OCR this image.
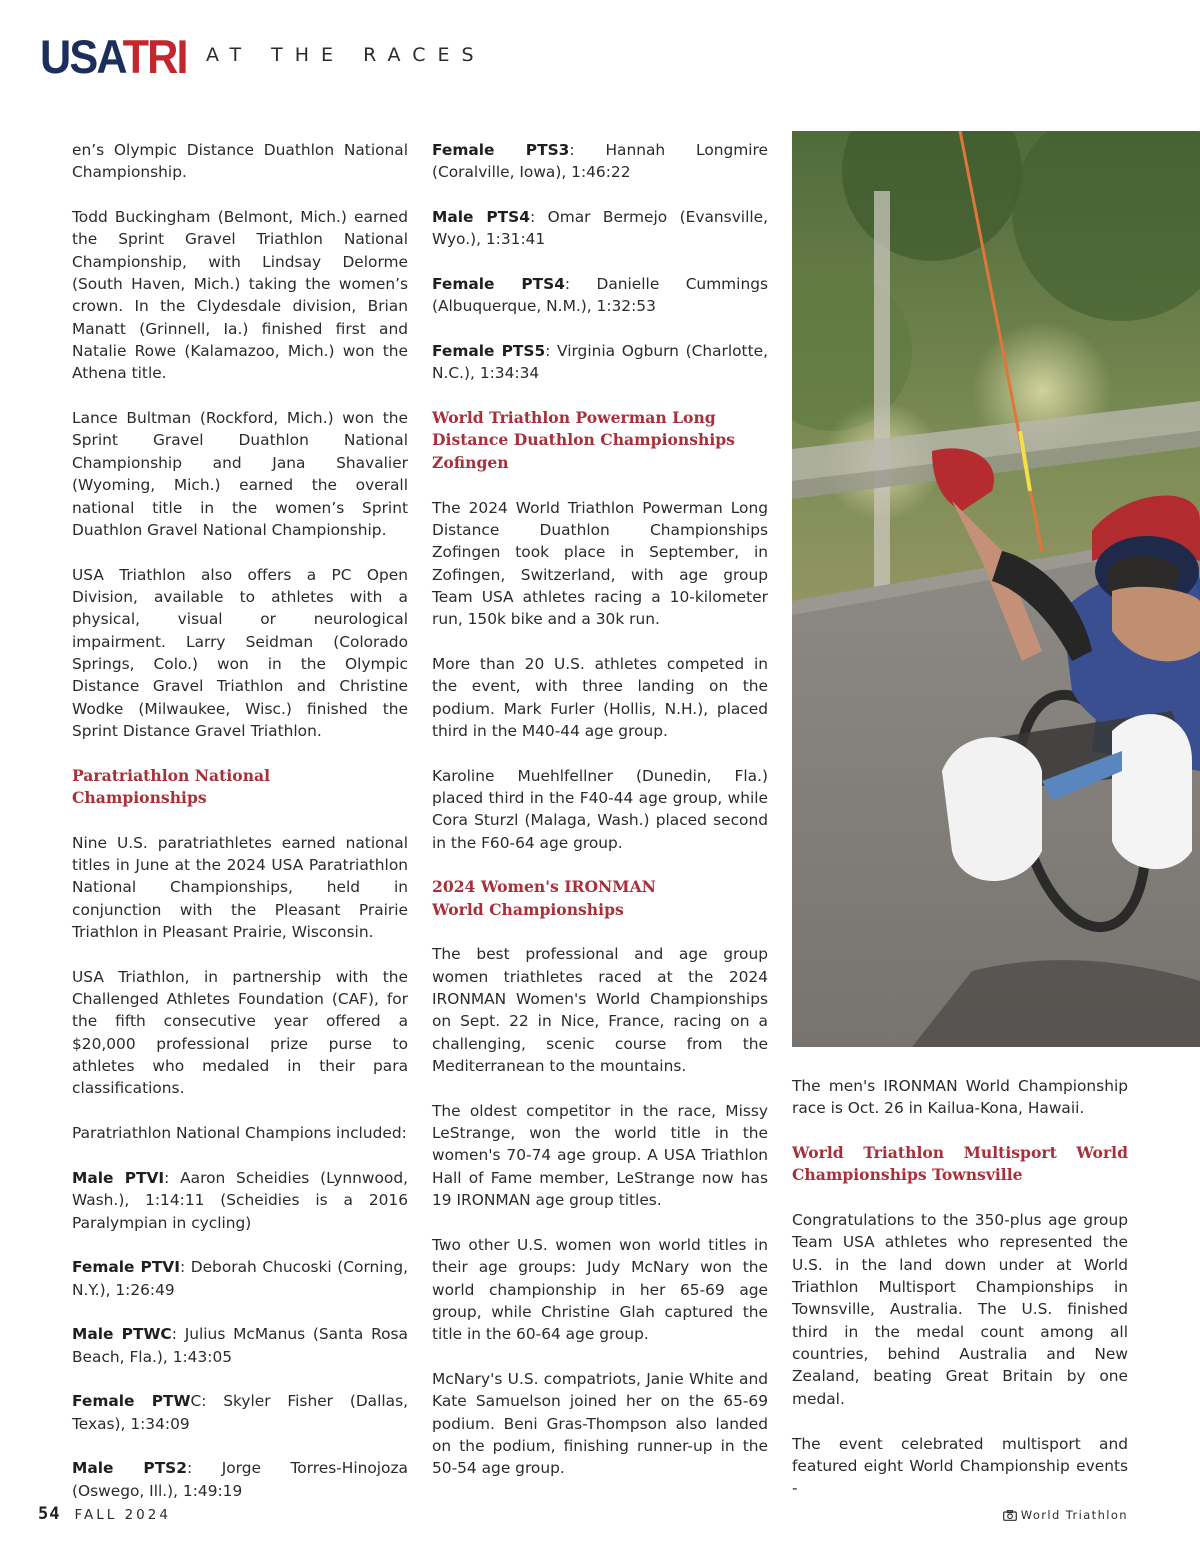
USATRI AT THE RACES

en’s Olympic Distance Duathlon National Championship.

Todd Buckingham (Belmont, Mich.) earned the Sprint Gravel Triathlon National Championship, with Lindsay Delorme (South Haven, Mich.) taking the women’s crown. In the Clydesdale division, Brian Manatt (Grinnell, Ia.) finished first and Natalie Rowe (Kalamazoo, Mich.) won the Athena title.

Lance Bultman (Rockford, Mich.) won the Sprint Gravel Duathlon National Championship and Jana Shavalier (Wyoming, Mich.) earned the overall national title in the women’s Sprint Duathlon Gravel National Championship.

USA Triathlon also offers a PC Open Division, available to athletes with a physical, visual or neurological impairment. Larry Seidman (Colorado Springs, Colo.) won in the Olympic Distance Gravel Triathlon and Christine Wodke (Milwaukee, Wisc.) finished the Sprint Distance Gravel Triathlon.

Paratriathlon National Championships

Nine U.S. paratriathletes earned national titles in June at the 2024 USA Paratriathlon National Championships, held in conjunction with the Pleasant Prairie Triathlon in Pleasant Prairie, Wisconsin.

USA Triathlon, in partnership with the Challenged Athletes Foundation (CAF), for the fifth consecutive year offered a $20,000 professional prize purse to athletes who medaled in their para classifications.

Paratriathlon National Champions included:

Male PTVI: Aaron Scheidies (Lynnwood, Wash.), 1:14:11 (Scheidies is a 2016 Paralympian in cycling)

Female PTVI: Deborah Chucoski (Corning, N.Y.), 1:26:49

Male PTWC: Julius McManus (Santa Rosa Beach, Fla.), 1:43:05

Female PTWC: Skyler Fisher (Dallas, Texas), 1:34:09

Male PTS2: Jorge Torres-Hinojoza (Oswego, Ill.), 1:49:19

Female PTS3: Hannah Longmire (Coralville, Iowa), 1:46:22

Male PTS4: Omar Bermejo (Evansville, Wyo.), 1:31:41

Female PTS4: Danielle Cummings (Albuquerque, N.M.), 1:32:53

Female PTS5: Virginia Ogburn (Charlotte, N.C.), 1:34:34

World Triathlon Powerman Long Distance Duathlon Championships Zofingen

The 2024 World Triathlon Powerman Long Distance Duathlon Championships Zofingen took place in September, in Zofingen, Switzerland, with age group Team USA athletes racing a 10-kilometer run, 150k bike and a 30k run.

More than 20 U.S. athletes competed in the event, with three landing on the podium. Mark Furler (Hollis, N.H.), placed third in the M40-44 age group.

Karoline Muehlfellner (Dunedin, Fla.) placed third in the F40-44 age group, while Cora Sturzl (Malaga, Wash.) placed second in the F60-64 age group.

2024 Women's IRONMAN
World Championships

The best professional and age group women triathletes raced at the 2024 IRONMAN Women's World Championships on Sept. 22 in Nice, France, racing on a challenging, scenic course from the Mediterranean to the mountains.

The oldest competitor in the race, Missy LeStrange, won the world title in the women's 70-74 age group. A USA Triathlon Hall of Fame member, LeStrange now has 19 IRONMAN age group titles.

Two other U.S. women won world titles in their age groups: Judy McNary won the world championship in her 65-69 age group, while Christine Glah captured the title in the 60-64 age group.

McNary's U.S. compatriots, Janie White and Kate Samuelson joined her on the 65-69 podium. Beni Gras-Thompson also landed on the podium, finishing runner-up in the 50-54 age group.

The men's IRONMAN World Championship race is Oct. 26 in Kailua-Kona, Hawaii.

World Triathlon Multisport World Championships Townsville

Congratulations to the 350-plus age group Team USA athletes who represented the U.S. in the land down under at World Triathlon Multisport Championships in Townsville, Australia. The U.S. finished third in the medal count among all countries, behind Australia and New Zealand, beating Great Britain by one medal.

The event celebrated multisport and featured eight World Championship events -

54 FALL 2024	World Triathlon
